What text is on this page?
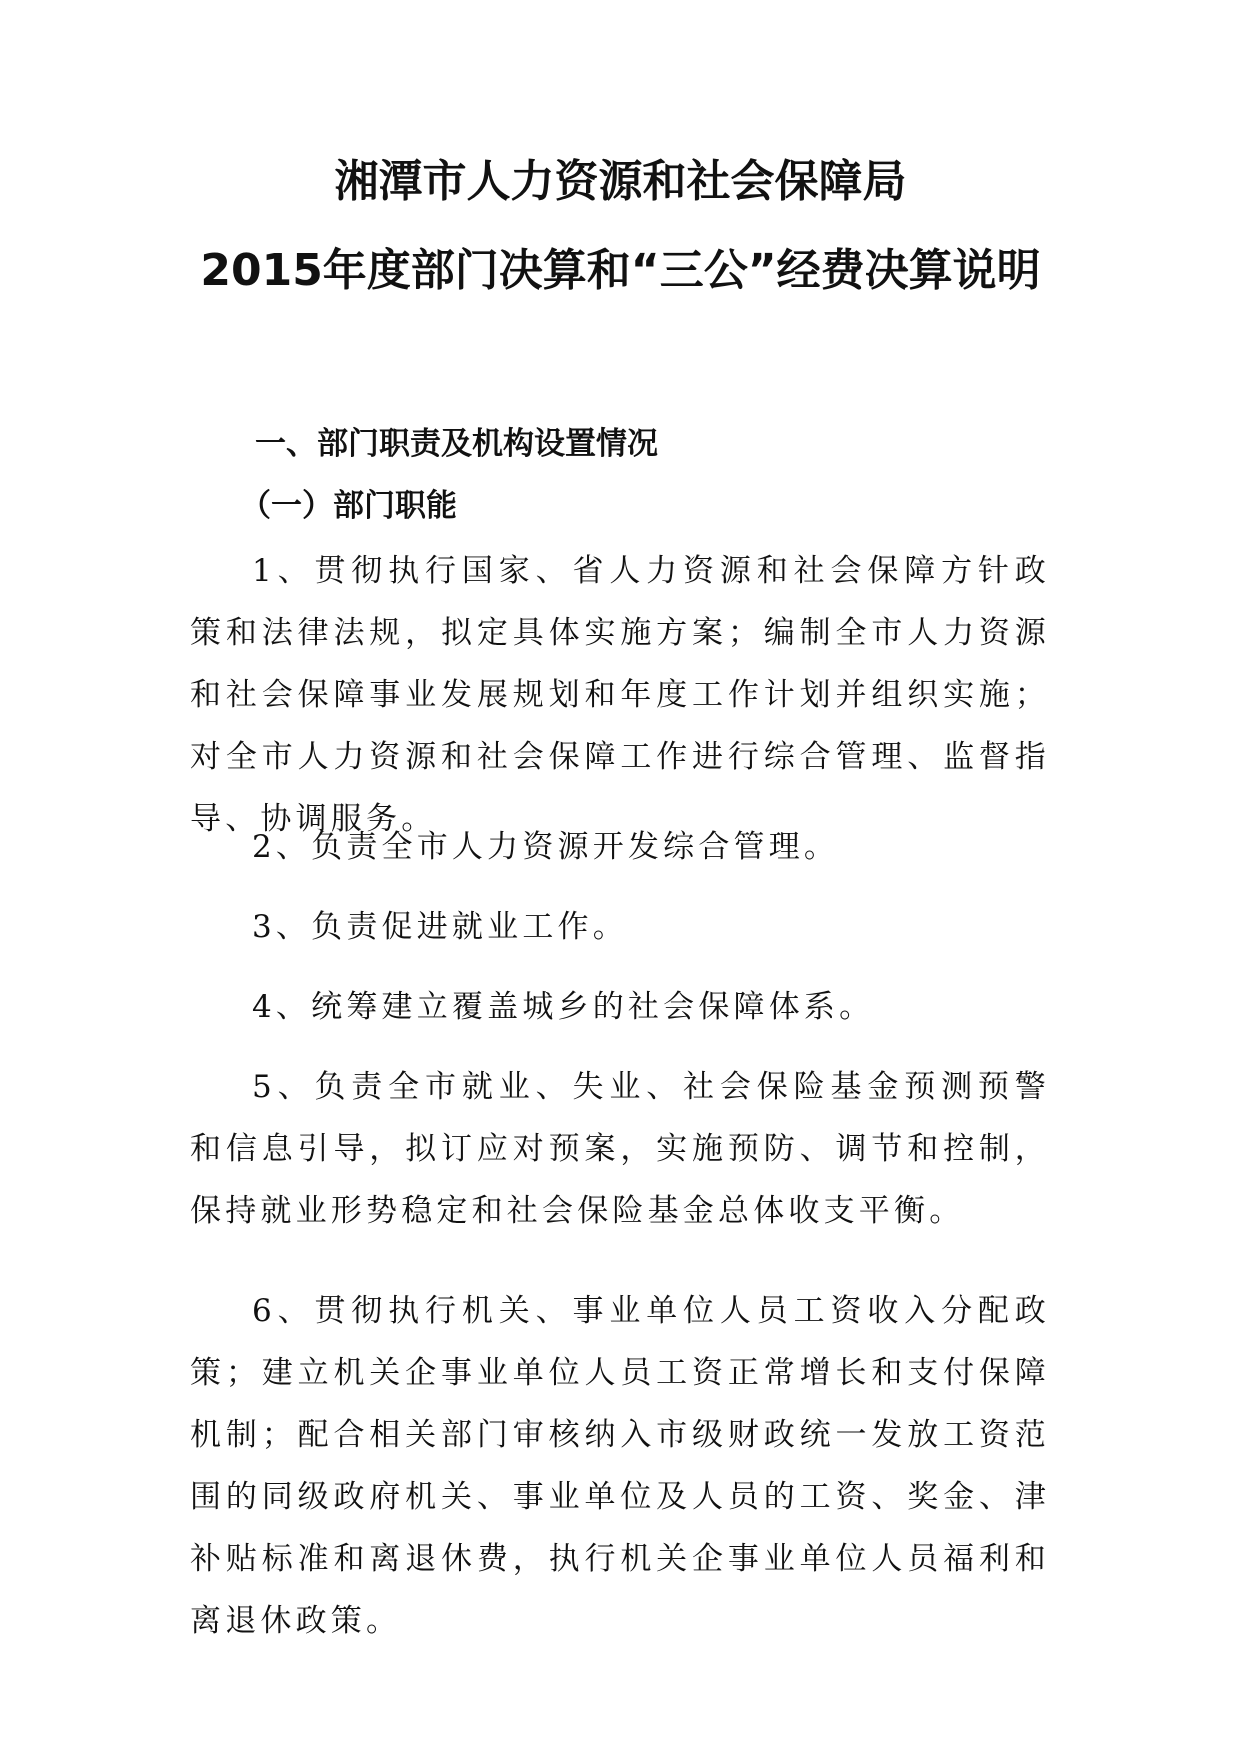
湘潭市人力资源和社会保障局
2015年度部门决算和“三公”经费决算说明
一、部门职责及机构设置情况
（一）部门职能
1、贯彻执行国家、省人力资源和社会保障方针政策和法律法规，拟定具体实施方案；编制全市人力资源和社会保障事业发展规划和年度工作计划并组织实施；对全市人力资源和社会保障工作进行综合管理、监督指导、协调服务。
2、负责全市人力资源开发综合管理。
3、负责促进就业工作。
4、统筹建立覆盖城乡的社会保障体系。
5、负责全市就业、失业、社会保险基金预测预警和信息引导，拟订应对预案，实施预防、调节和控制，保持就业形势稳定和社会保险基金总体收支平衡。
6、贯彻执行机关、事业单位人员工资收入分配政策；建立机关企事业单位人员工资正常增长和支付保障机制；配合相关部门审核纳入市级财政统一发放工资范围的同级政府机关、事业单位及人员的工资、奖金、津补贴标准和离退休费，执行机关企事业单位人员福利和离退休政策。
